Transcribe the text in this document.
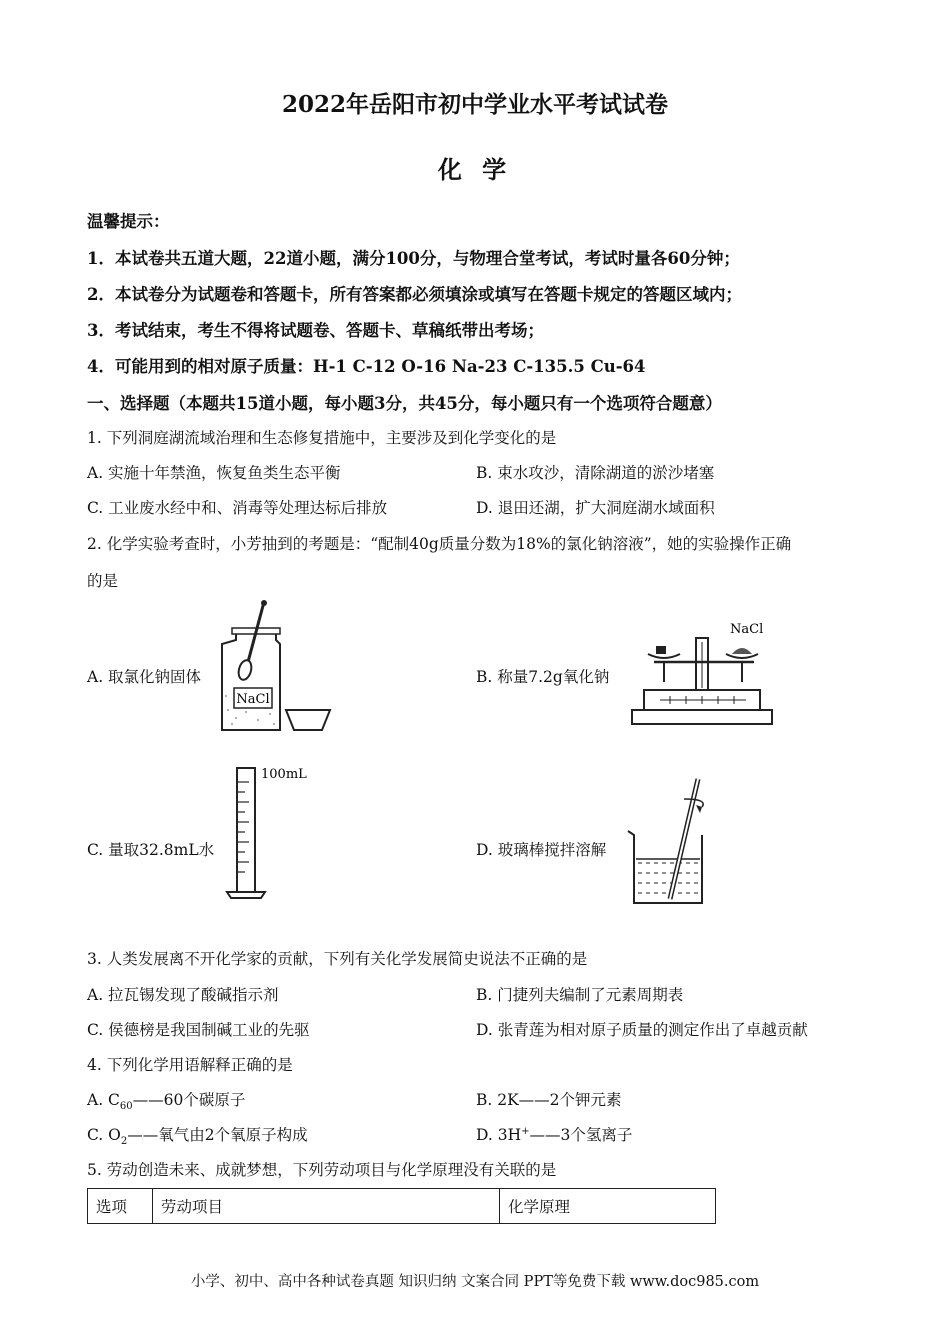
2022年岳阳市初中学业水平考试试卷
化 学
温馨提示：
1．本试卷共五道大题，22道小题，满分100分，与物理合堂考试，考试时量各60分钟；
2．本试卷分为试题卷和答题卡，所有答案都必须填涂或填写在答题卡规定的答题区域内；
3．考试结束，考生不得将试题卷、答题卡、草稿纸带出考场；
4．可能用到的相对原子质量：H-1 C-12 O-16 Na-23 C-135.5 Cu-64
一、选择题（本题共15道小题，每小题3分，共45分，每小题只有一个选项符合题意）
1. 下列洞庭湖流域治理和生态修复措施中，主要涉及到化学变化的是
A. 实施十年禁渔，恢复鱼类生态平衡	B. 束水攻沙，清除湖道的淤沙堵塞
C. 工业废水经中和、消毒等处理达标后排放	D. 退田还湖，扩大洞庭湖水域面积
2. 化学实验考查时，小芳抽到的考题是：“配制40g质量分数为18%的氯化钠溶液”，她的实验操作正确
的是
A. 取氯化钠固体	B. 称量7.2g氧化钠
C. 量取32.8mL水	D. 玻璃棒搅拌溶解
NaCl
NaCl
100mL
3. 人类发展离不开化学家的贡献，下列有关化学发展简史说法不正确的是
A. 拉瓦锡发现了酸碱指示剂	B. 门捷列夫编制了元素周期表
C. 侯德榜是我国制碱工业的先驱	D. 张青莲为相对原子质量的测定作出了卓越贡献
4. 下列化学用语解释正确的是
A. $C_{60}——60$个碳原子	B. 2K——2个钾元素
C. $O_2——$氧气由2个氧原子构成	D. 3H+——3个氢离子
5. 劳动创造未来、成就梦想，下列劳动项目与化学原理没有关联的是
选项	劳动项目	化学原理
小学、初中、高中各种试卷真题 知识归纳 文案合同 PPT等免费下载 www.doc985.com
